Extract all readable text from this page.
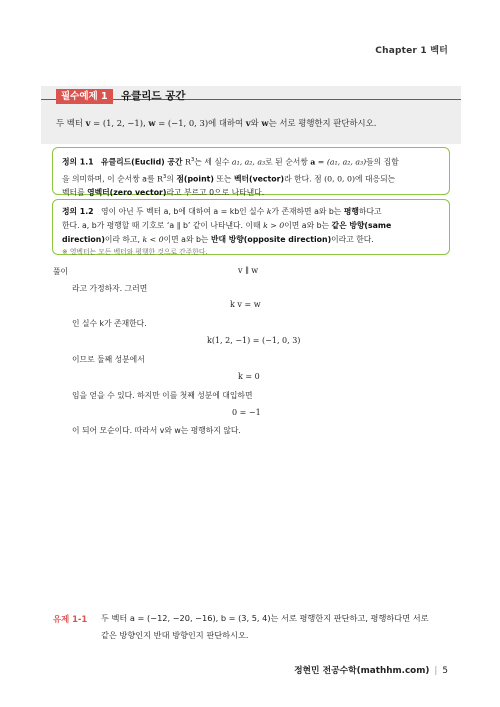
Chapter 1 벡터
필수예제 1	유클리드 공간
두 벡터 v = (1, 2, −1), w = (−1, 0, 3)에 대하여 v와 w는 서로 평행한지 판단하시오.
정의 1.1 유클리드(Euclid) 공간 $R^3$는 세 실수 a₁, a₂, a₃로 된 순서쌍 a = (a₁, a₂, a₃)들의 집합
을 의미하며, 이 순서쌍 a를 $R^3$의 점(point) 또는 벡터(vector)라 한다. 점 (0, 0, 0)에 대응되는
벡터를 영벡터(zero vector)라고 부르고 0으로 나타낸다.
정의 1.2 영이 아닌 두 벡터 a, b에 대하여 a = kb인 실수 k가 존재하면 a와 b는 평행하다고
한다. a, b가 평행할 때 기호로 ‘a ∥ b’ 같이 나타낸다. 이때 k > 0이면 a와 b는 같은 방향(same
direction)이라 하고, k < 0이면 a와 b는 반대 방향(opposite direction)이라고 한다.
※ 영벡터는 모든 벡터와 평행한 것으로 간주한다.
풀이	v ∥ w
라고 가정하자. 그러면
k v = w
인 실수 k가 존재한다.
k(1, 2, −1) = (−1, 0, 3)
이므로 둘째 성분에서
k = 0
임을 얻을 수 있다. 하지만 이를 첫째 성분에 대입하면
0 = −1
이 되어 모순이다. 따라서 v와 w는 평행하지 않다.
유제 1-1 두 벡터 a = (−12, −20, −16), b = (3, 5, 4)는 서로 평행한지 판단하고, 평행하다면 서로
같은 방향인지 반대 방향인지 판단하시오.
정현민 전공수학(mathhm.com) | 5
